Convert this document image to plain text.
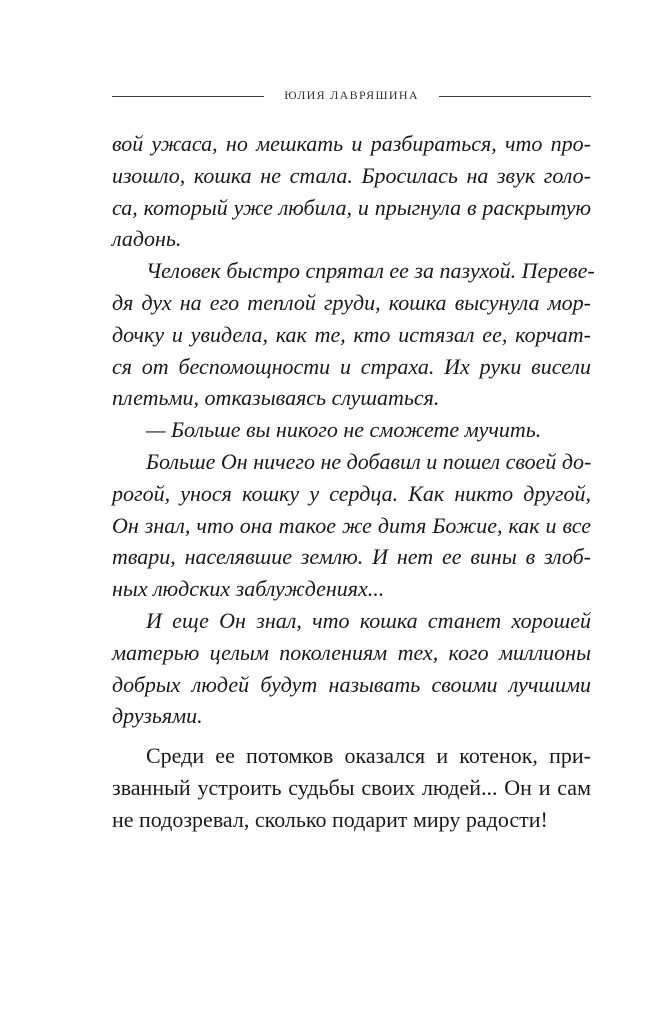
ЮЛИЯ ЛАВРЯШИНА
вой ужаса, но мешкать и разбираться, что про-
изошло, кошка не стала. Бросилась на звук голо-
са, который уже любила, и прыгнула в раскрытую
ладонь.
Человек быстро спрятал ее за пазухой. Переве-
дя дух на его теплой груди, кошка высунула мор-
дочку и увидела, как те, кто истязал ее, корчат-
ся от беспомощности и страха. Их руки висели
плетьми, отказываясь слушаться.
— Больше вы никого не сможете мучить.
Больше Он ничего не добавил и пошел своей до-
рогой, унося кошку у сердца. Как никто другой,
Он знал, что она такое же дитя Божие, как и все
твари, населявшие землю. И нет ее вины в злоб-
ных людских заблуждениях...
И еще Он знал, что кошка станет хорошей
матерью целым поколениям тех, кого миллионы
добрых людей будут называть своими лучшими
друзьями.
Среди ее потомков оказался и котенок, при-
званный устроить судьбы своих людей... Он и сам
не подозревал, сколько подарит миру радости!
